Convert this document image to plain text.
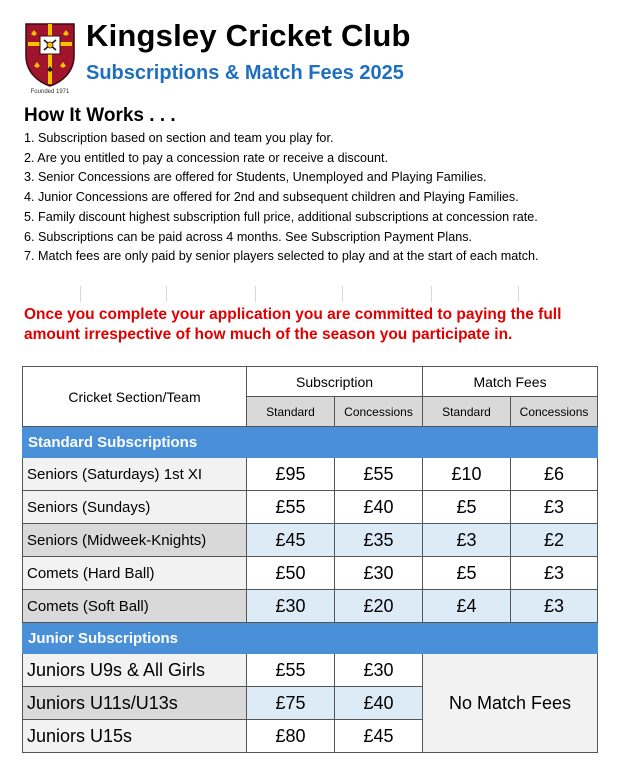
Founded 1971
Kingsley Cricket Club
Subscriptions & Match Fees 2025
How It Works . . .
1. Subscription based on section and team you play for.
2. Are you entitled to pay a concession rate or receive a discount.
3. Senior Concessions are offered for Students, Unemployed and Playing Families.
4. Junior Concessions are offered for 2nd and subsequent children and Playing Families.
5. Family discount highest subscription full price, additional subscriptions at concession rate.
6. Subscriptions can be paid across 4 months. See Subscription Payment Plans.
7. Match fees are only paid by senior players selected to play and at the start of each match.
Once you complete your application you are committed to paying the full amount irrespective of how much of the season you participate in.
Cricket Section/Team	Subscription		Match Fees	
	Standard	Concessions	Standard	Concessions
Standard Subscriptions				
Seniors (Saturdays) 1st XI	£95	£55	£10	£6
Seniors (Sundays)	£55	£40	£5	£3
Seniors (Midweek-Knights)	£45	£35	£3	£2
Comets (Hard Ball)	£50	£30	£5	£3
Comets (Soft Ball)	£30	£20	£4	£3
Junior Subscriptions				
Juniors U9s & All Girls	£55	£30	No Match Fees	
Juniors U11s/U13s	£75	£40		
Juniors U15s	£80	£45		
